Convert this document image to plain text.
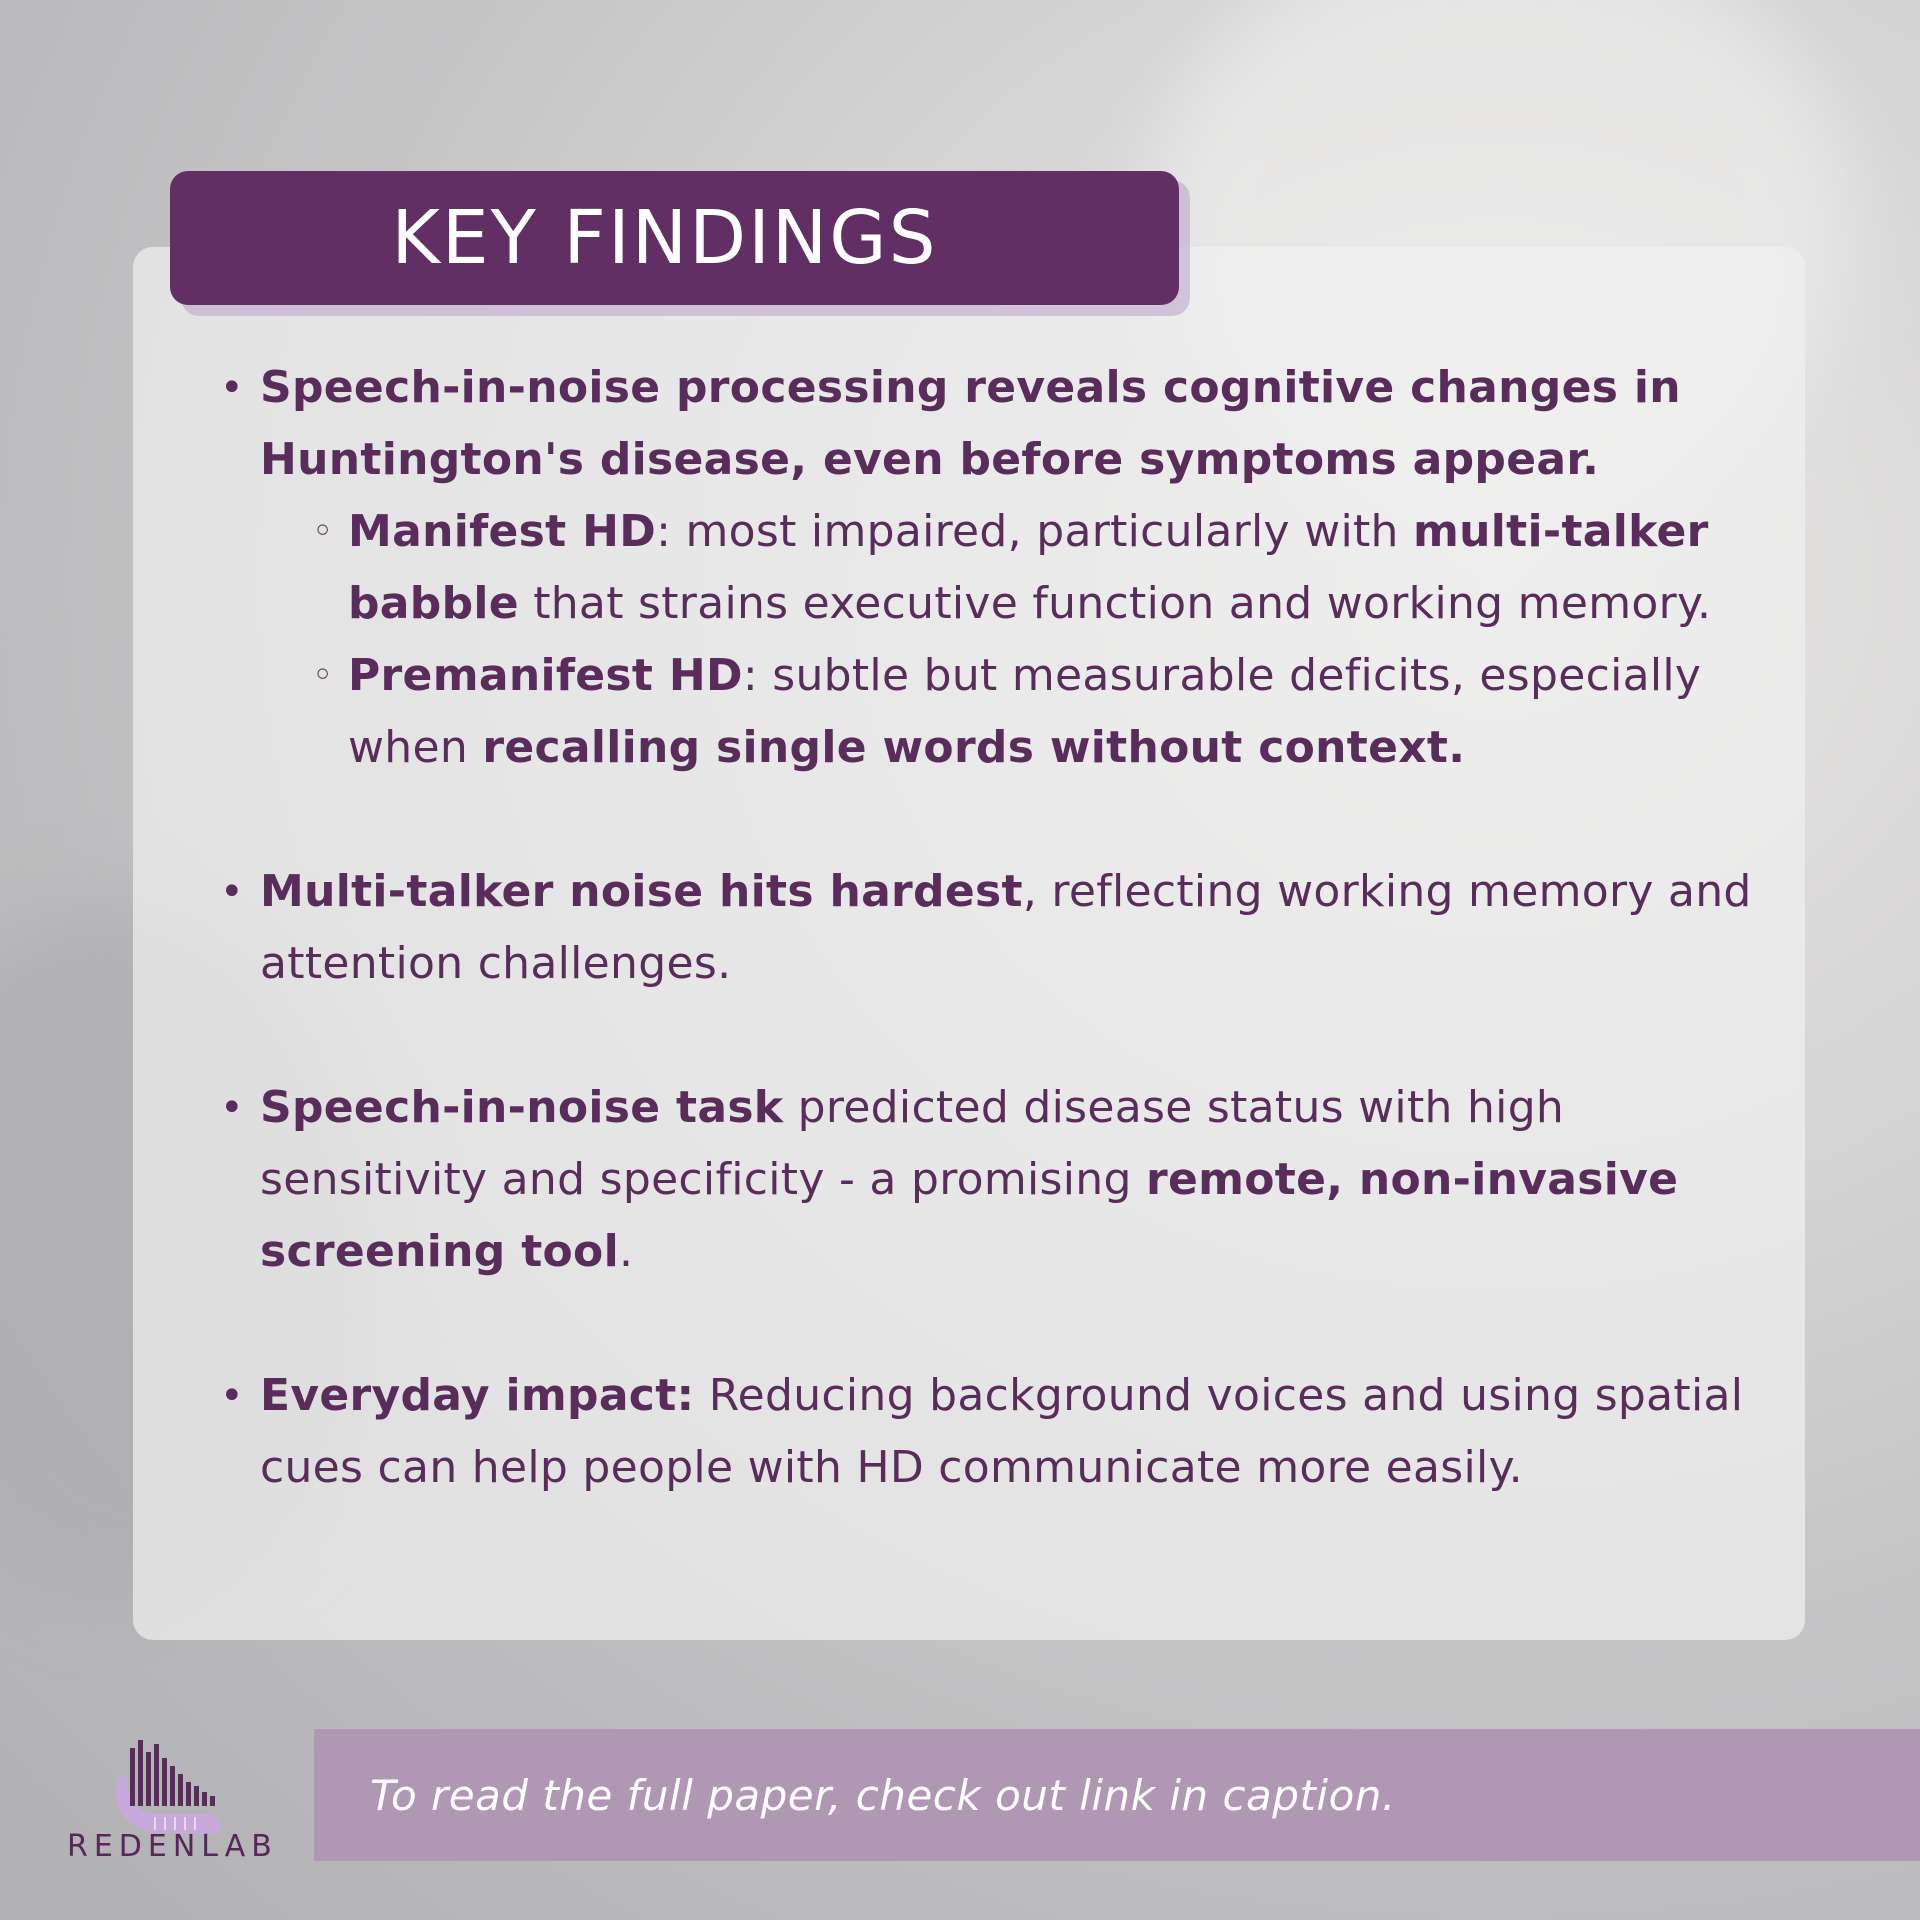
KEY FINDINGS
• Speech-in-noise processing reveals cognitive changes in Huntington's disease, even before symptoms appear.
◦ Manifest HD: most impaired, particularly with multi-talker babble that strains executive function and working memory.
◦ Premanifest HD: subtle but measurable deficits, especially when recalling single words without context.
• Multi-talker noise hits hardest, reflecting working memory and attention challenges.
• Speech-in-noise task predicted disease status with high sensitivity and specificity - a promising remote, non-invasive screening tool.
• Everyday impact: Reducing background voices and using spatial cues can help people with HD communicate more easily.
REDENLAB
To read the full paper, check out link in caption.
